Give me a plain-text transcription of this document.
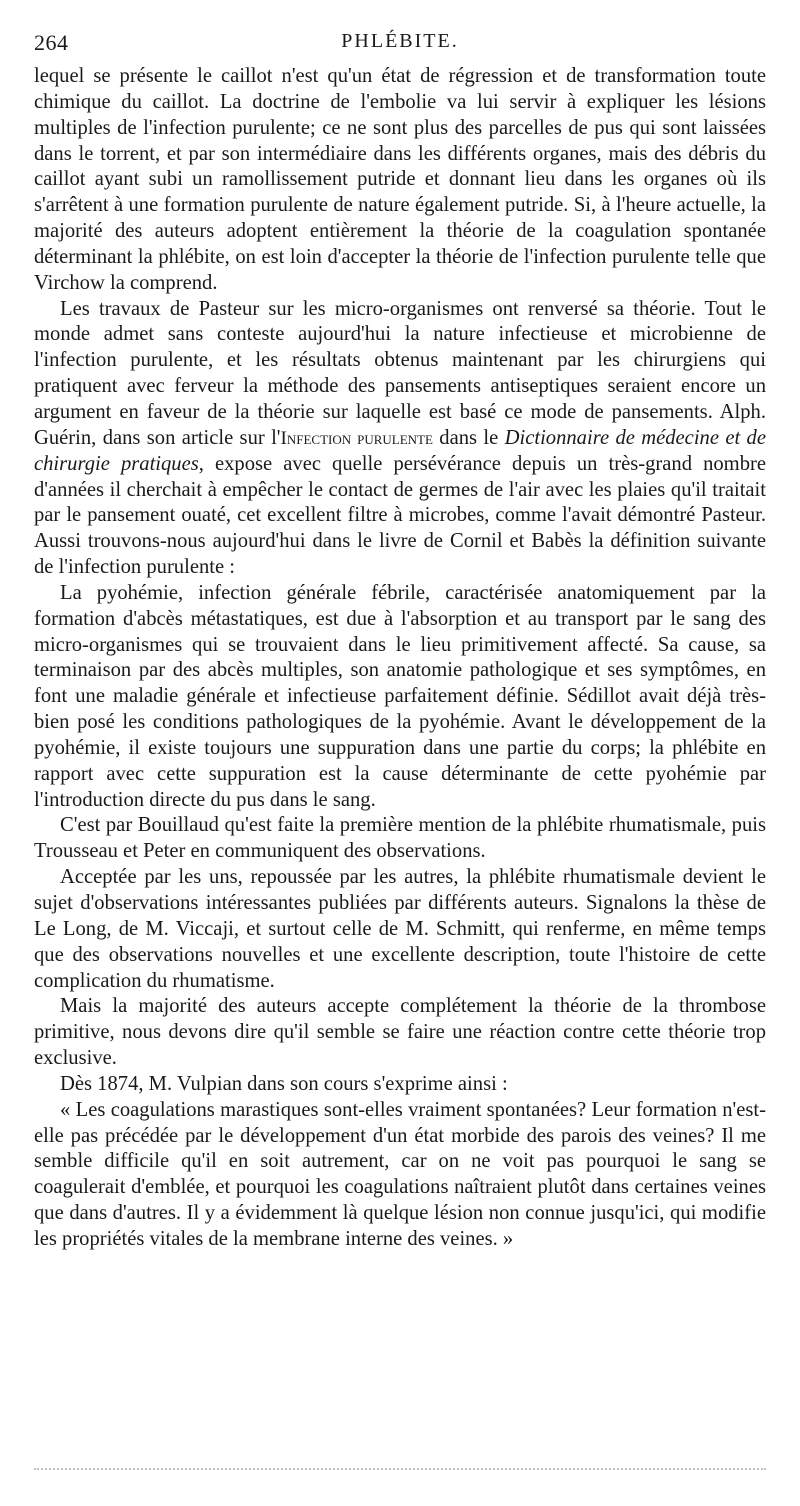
264	PHLÉBITE.

lequel se présente le caillot n'est qu'un état de régression et de transformation toute chimique du caillot. La doctrine de l'embolie va lui servir à expliquer les lésions multiples de l'infection purulente; ce ne sont plus des parcelles de pus qui sont laissées dans le torrent, et par son intermédiaire dans les différents organes, mais des débris du caillot ayant subi un ramollissement putride et donnant lieu dans les organes où ils s'arrêtent à une formation purulente de nature également putride. Si, à l'heure actuelle, la majorité des auteurs adoptent entièrement la théorie de la coagulation spontanée déterminant la phlébite, on est loin d'accepter la théorie de l'infection purulente telle que Virchow la comprend.

Les travaux de Pasteur sur les micro-organismes ont renversé sa théorie. Tout le monde admet sans conteste aujourd'hui la nature infectieuse et microbienne de l'infection purulente, et les résultats obtenus maintenant par les chirurgiens qui pratiquent avec ferveur la méthode des pansements antiseptiques seraient encore un argument en faveur de la théorie sur laquelle est basé ce mode de pansements. Alph. Guérin, dans son article sur l'Infection purulente dans le Dictionnaire de médecine et de chirurgie pratiques, expose avec quelle persévérance depuis un très-grand nombre d'années il cherchait à empêcher le contact de germes de l'air avec les plaies qu'il traitait par le pansement ouaté, cet excellent filtre à microbes, comme l'avait démontré Pasteur. Aussi trouvons-nous aujourd'hui dans le livre de Cornil et Babès la définition suivante de l'infection purulente :

La pyohémie, infection générale fébrile, caractérisée anatomiquement par la formation d'abcès métastatiques, est due à l'absorption et au transport par le sang des micro-organismes qui se trouvaient dans le lieu primitivement affecté. Sa cause, sa terminaison par des abcès multiples, son anatomie pathologique et ses symptômes, en font une maladie générale et infectieuse parfaitement définie. Sédillot avait déjà très-bien posé les conditions pathologiques de la pyohémie. Avant le développement de la pyohémie, il existe toujours une suppuration dans une partie du corps; la phlébite en rapport avec cette suppuration est la cause déterminante de cette pyohémie par l'introduction directe du pus dans le sang.

C'est par Bouillaud qu'est faite la première mention de la phlébite rhumatismale, puis Trousseau et Peter en communiquent des observations.

Acceptée par les uns, repoussée par les autres, la phlébite rhumatismale devient le sujet d'observations intéressantes publiées par différents auteurs. Signalons la thèse de Le Long, de M. Viccaji, et surtout celle de M. Schmitt, qui renferme, en même temps que des observations nouvelles et une excellente description, toute l'histoire de cette complication du rhumatisme.

Mais la majorité des auteurs accepte complétement la théorie de la thrombose primitive, nous devons dire qu'il semble se faire une réaction contre cette théorie trop exclusive.

Dès 1874, M. Vulpian dans son cours s'exprime ainsi :

« Les coagulations marastiques sont-elles vraiment spontanées? Leur formation n'est-elle pas précédée par le développement d'un état morbide des parois des veines? Il me semble difficile qu'il en soit autrement, car on ne voit pas pourquoi le sang se coagulerait d'emblée, et pourquoi les coagulations naîtraient plutôt dans certaines veines que dans d'autres. Il y a évidemment là quelque lésion non connue jusqu'ici, qui modifie les propriétés vitales de la membrane interne des veines. »
